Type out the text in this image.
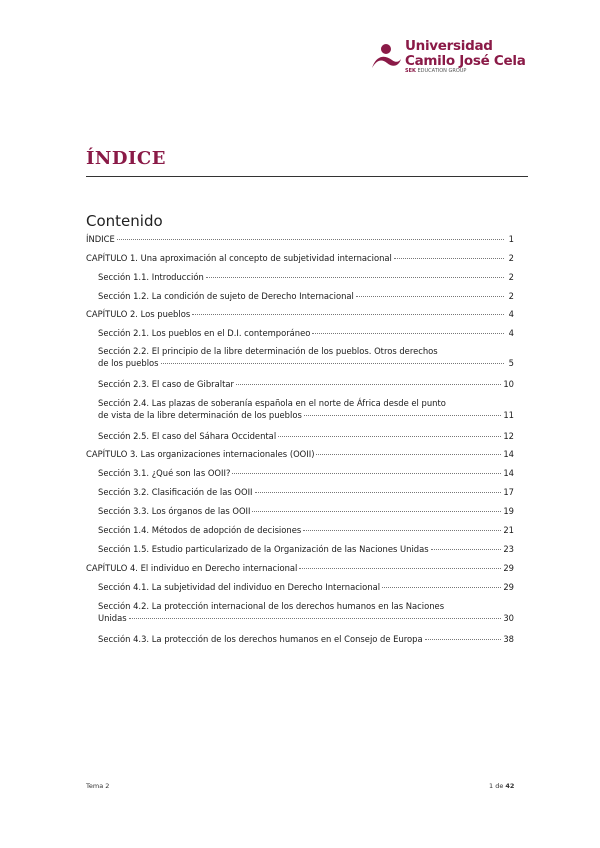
Universidad
Camilo José Cela
SEK EDUCATION GROUP
ÍNDICE
Contenido
ÍNDICE	1
CAPÍTULO 1. Una aproximación al concepto de subjetividad internacional	2
Sección 1.1. Introducción	2
Sección 1.2. La condición de sujeto de Derecho Internacional	2
CAPÍTULO 2. Los pueblos	4
Sección 2.1. Los pueblos en el D.I. contemporáneo	4
Sección 2.2. El principio de la libre determinación de los pueblos. Otros derechos
de los pueblos	5
Sección 2.3. El caso de Gibraltar	10
Sección 2.4. Las plazas de soberanía española en el norte de África desde el punto
de vista de la libre determinación de los pueblos	11
Sección 2.5. El caso del Sáhara Occidental	12
CAPÍTULO 3. Las organizaciones internacionales (OOII)	14
Sección 3.1. ¿Qué son las OOII?	14
Sección 3.2. Clasificación de las OOII	17
Sección 3.3. Los órganos de las OOII	19
Sección 1.4. Métodos de adopción de decisiones	21
Sección 1.5. Estudio particularizado de la Organización de las Naciones Unidas	23
CAPÍTULO 4. El individuo en Derecho internacional	29
Sección 4.1. La subjetividad del individuo en Derecho Internacional	29
Sección 4.2. La protección internacional de los derechos humanos en las Naciones
Unidas	30
Sección 4.3. La protección de los derechos humanos en el Consejo de Europa	38
Tema 2	1 de 42
